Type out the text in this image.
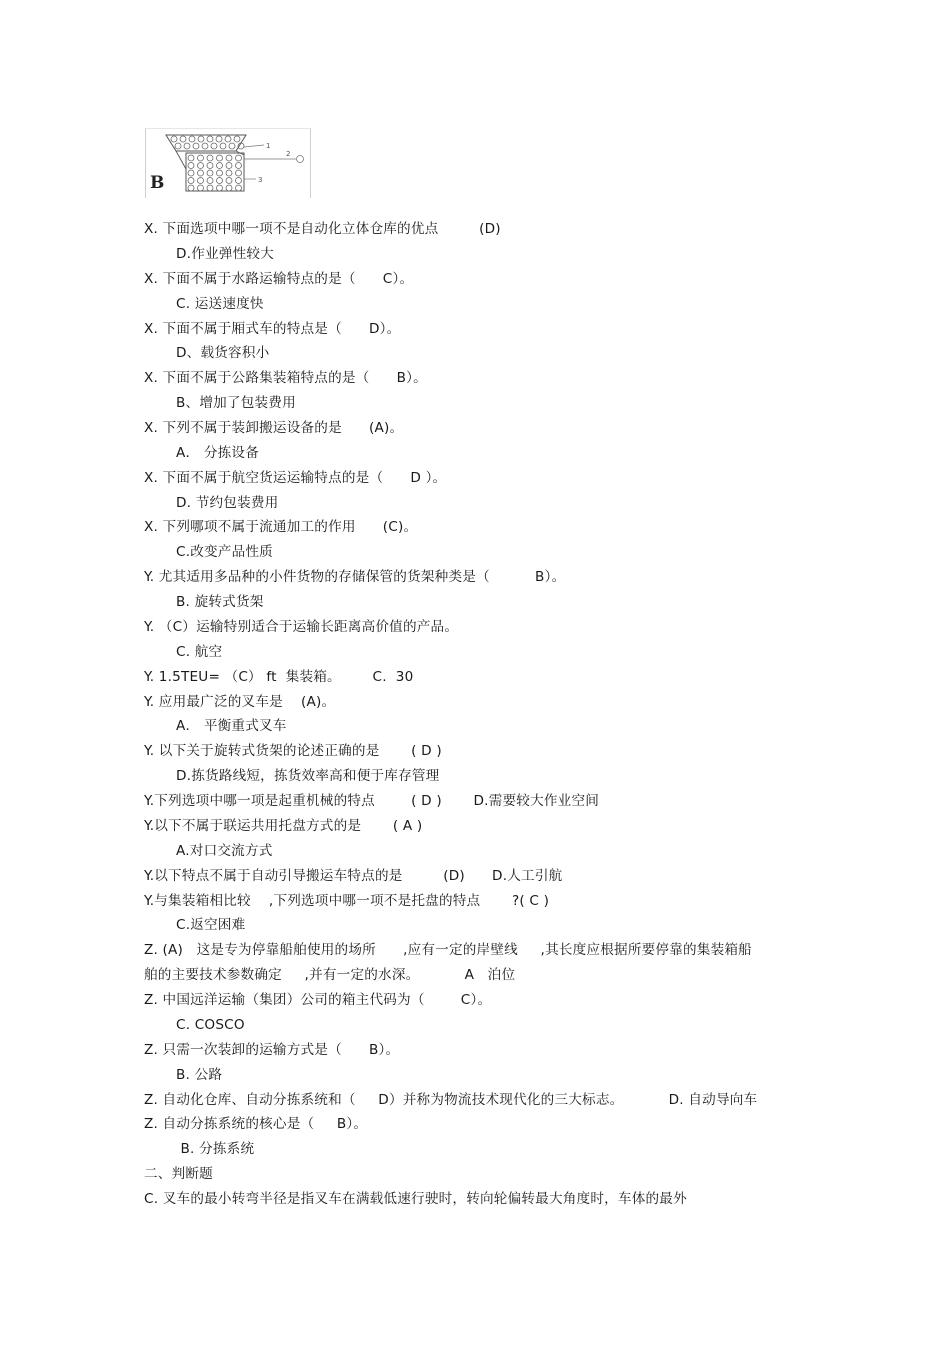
1
2
3
B
X. 下面选项中哪一项不是自动化立体仓库的优点         (D)
D.作业弹性较大
X. 下面不属于水路运输特点的是（      C）。
C. 运送速度快
X. 下面不属于厢式车的特点是（      D）。
D、载货容积小
X. 下面不属于公路集装箱特点的是（      B）。
B、增加了包装费用
X. 下列不属于装卸搬运设备的是      (A)。
A． 分拣设备
X. 下面不属于航空货运运输特点的是（      D ）。
D. 节约包装费用
X. 下列哪项不属于流通加工的作用      (C)。
C.改变产品性质
Y. 尤其适用多品种的小件货物的存储保管的货架种类是（          B）。
B. 旋转式货架
Y. （C）运输特别适合于运输长距离高价值的产品。
C. 航空
Y. 1.5TEU= （C） ft  集装箱。       C.  30
Y. 应用最广泛的叉车是    (A)。
A． 平衡重式叉车
Y. 以下关于旋转式货架的论述正确的是       ( D )
D.拣货路线短，拣货效率高和便于库存管理
Y.下列选项中哪一项是起重机械的特点        ( D )       D.需要较大作业空间
Y.以下不属于联运共用托盘方式的是       ( A )
A.对口交流方式
Y.以下特点不属于自动引导搬运车特点的是         (D)      D.人工引航
Y.与集装箱相比较    ,下列选项中哪一项不是托盘的特点       ?( C )
C.返空困难
Z. (A)   这是专为停靠船舶使用的场所      ,应有一定的岸壁线     ,其长度应根据所要停靠的集装箱船
舶的主要技术参数确定     ,并有一定的水深。          A   泊位
Z. 中国远洋运输（集团）公司的箱主代码为（        C）。
C. COSCO
Z. 只需一次装卸的运输方式是（      B）。
B. 公路
Z. 自动化仓库、自动分拣系统和（     D）并称为物流技术现代化的三大标志。          D. 自动导向车
Z. 自动分拣系统的核心是（     B）。
B. 分拣系统
二、判断题
C. 叉车的最小转弯半径是指叉车在满载低速行驶时，转向轮偏转最大角度时，车体的最外
